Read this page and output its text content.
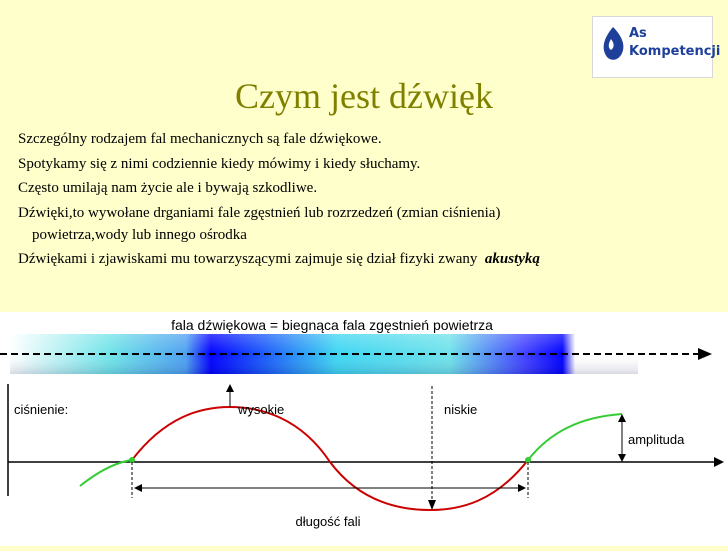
As
Kompetencji
Czym jest dźwięk

Szczególny rodzajem fal mechanicznych są fale dźwiękowe.

Spotykamy się z nimi codziennie kiedy mówimy i kiedy słuchamy.

Często umilają nam życie ale i bywają szkodliwe.

Dźwięki,to wywołane drganiami fale zgęstnień lub rozrzedzeń (zmian ciśnienia)
powietrza,wody lub innego ośrodka

Dźwiękami i zjawiskami mu towarzyszącymi zajmuje się dział fizyki zwany akustyką

fala dźwiękowa = biegnąca fala zgęstnień powietrza
ciśnienie:	wysokie	niskie
amplituda
długość fali
